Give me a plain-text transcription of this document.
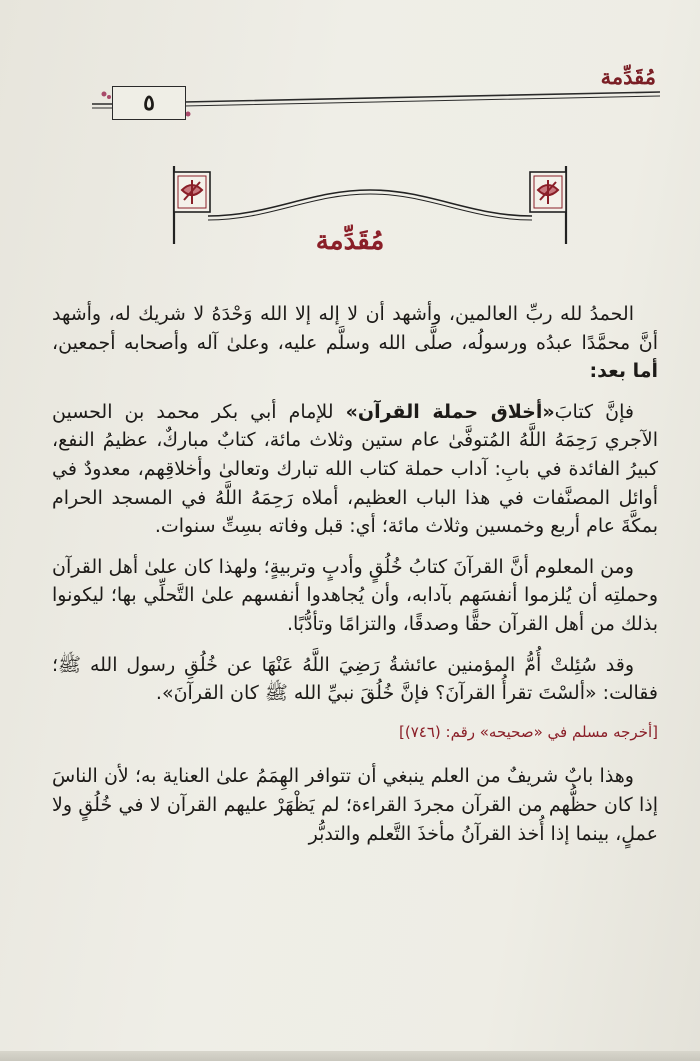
مُقَدِّمة
٥
مُقَدِّمة

الحمدُ لله ربِّ العالمين، وأشهد أن لا إله إلا الله وَحْدَهُ لا شريك له، وأشهد أنَّ محمَّدًا عبدُه ورسولُه، صلَّى الله وسلَّم عليه، وعلىٰ آله وأصحابه أجمعين، أما بعد:

فإنَّ كتابَ«أخلاق حملة القرآن» للإمام أبي بكر محمد بن الحسين الآجري رَحِمَهُ اللَّهُ المُتوفَّىٰ عام ستين وثلاث مائة، كتابٌ مباركٌ، عظيمُ النفع، كبيرُ الفائدة في بابِ: آداب حملة كتاب الله تبارك وتعالىٰ وأخلاقِهم، معدودٌ في أوائل المصنَّفات في هذا الباب العظيم، أملاه رَحِمَهُ اللَّهُ في المسجد الحرام بمكَّةَ عام أربع وخمسين وثلاث مائة؛ أي: قبل وفاته بسِتِّ سنوات.

ومن المعلوم أنَّ القرآنَ كتابُ خُلُقٍ وأدبٍ وتربيةٍ؛ ولهذا كان علىٰ أهل القرآن وحملتِه أن يُلزموا أنفسَهم بآدابه، وأن يُجاهدوا أنفسهم علىٰ التَّحلِّي بها؛ ليكونوا بذلك من أهل القرآن حقًّا وصدقًا، والتزامًا وتأدُّبًا.

وقد سُئِلتْ أُمُّ المؤمنين عائشةُ رَضِيَ اللَّهُ عَنْهَا عن خُلُقِ رسول الله ﷺ؛ فقالت: «ألسْتَ تقرأُ القرآنَ؟ فإنَّ خُلُقَ نبيِّ الله ﷺ كان القرآنَ».

[أخرجه مسلم في «صحيحه» رقم: (٧٤٦)]

وهذا بابٌ شريفٌ من العلم ينبغي أن تتوافر الهِمَمُ علىٰ العناية به؛ لأن الناسَ إذا كان حظُّهم من القرآن مجردَ القراءة؛ لم يَظْهَرْ عليهم القرآن لا في خُلُقٍ ولا عملٍ، بينما إذا أُخذ القرآنُ مأخذَ التَّعلم والتدبُّر
